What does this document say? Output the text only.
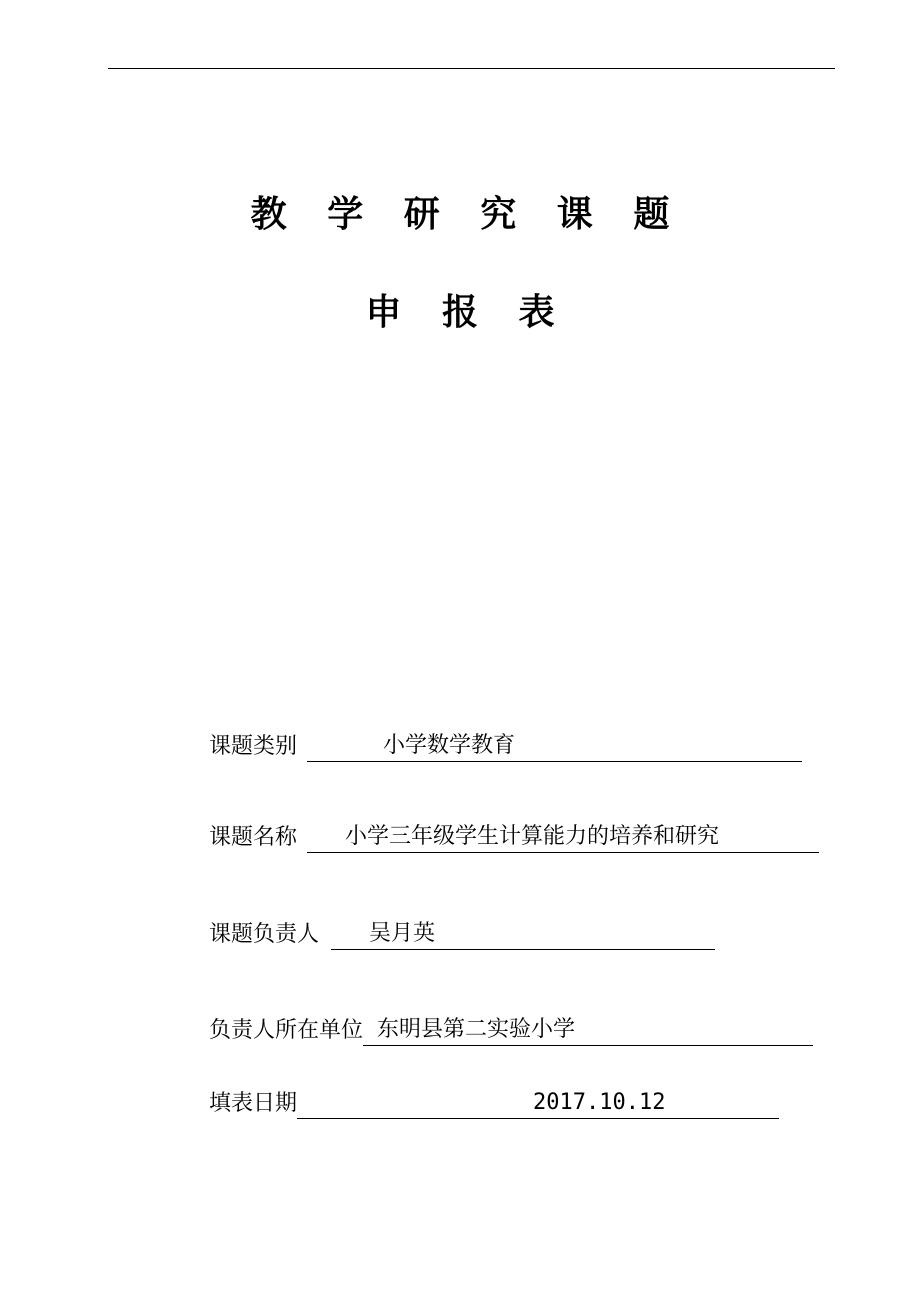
教 学 研 究 课 题
申 报 表
课题类别	小学数学教育
课题名称 小学三年级学生计算能力的培养和研究
课题负责人 吴月英
负责人所在单位 东明县第二实验小学
填表日期	2017.10.12
